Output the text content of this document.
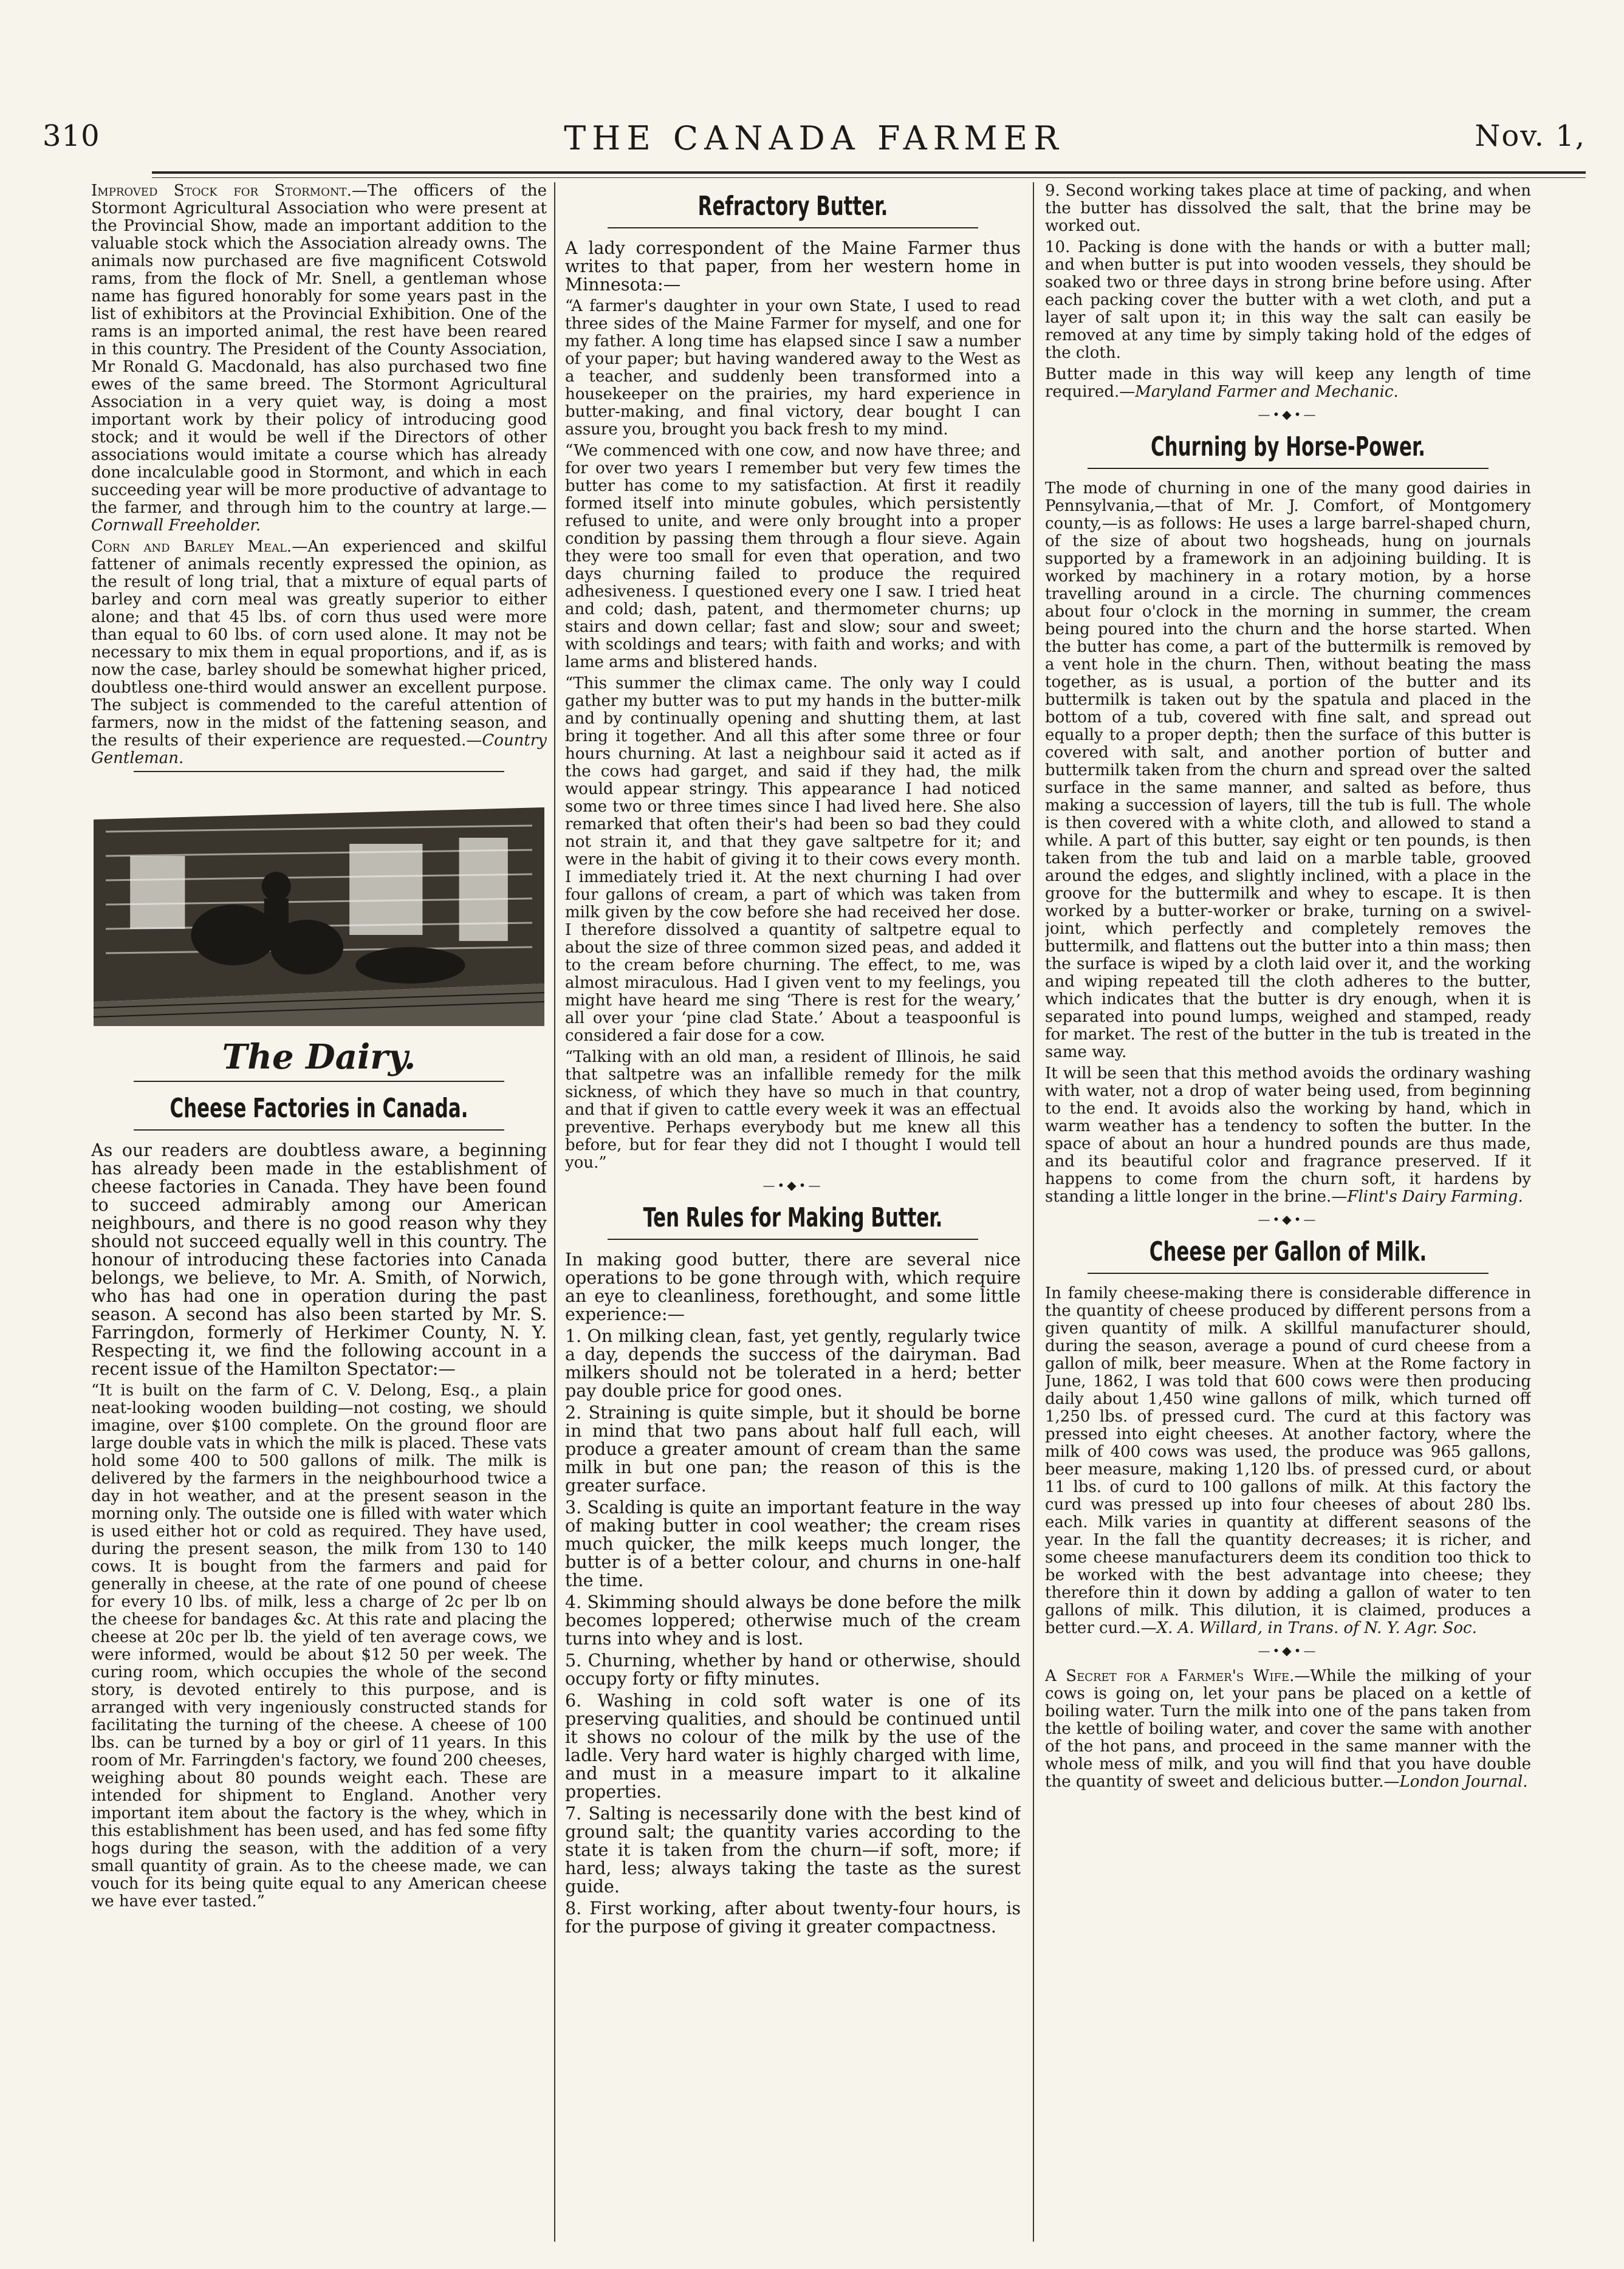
310	THE CANADA FARMER	Nov. 1,

Improved Stock for Stormont.—The officers of the Stormont Agricultural Association who were present at the Provincial Show, made an important addition to the valuable stock which the Association already owns. The animals now purchased are five magnificent Cotswold rams, from the flock of Mr. Snell, a gentleman whose name has figured honorably for some years past in the list of exhibitors at the Provincial Exhibition. One of the rams is an imported animal, the rest have been reared in this country. The President of the County Association, Mr Ronald G. Macdonald, has also purchased two fine ewes of the same breed. The Stormont Agricultural Association in a very quiet way, is doing a most important work by their policy of introducing good stock; and it would be well if the Directors of other associations would imitate a course which has already done incalculable good in Stormont, and which in each succeeding year will be more productive of advantage to the farmer, and through him to the country at large.—Cornwall Freeholder.

Corn and Barley Meal.—An experienced and skilful fattener of animals recently expressed the opinion, as the result of long trial, that a mixture of equal parts of barley and corn meal was greatly superior to either alone; and that 45 lbs. of corn thus used were more than equal to 60 lbs. of corn used alone. It may not be necessary to mix them in equal proportions, and if, as is now the case, barley should be somewhat higher priced, doubtless one-third would answer an excellent purpose. The subject is commended to the careful attention of farmers, now in the midst of the fattening season, and the results of their experience are requested.—Country Gentleman.

The Dairy.
Cheese Factories in Canada.

As our readers are doubtless aware, a beginning has already been made in the establishment of cheese factories in Canada. They have been found to succeed admirably among our American neighbours, and there is no good reason why they should not succeed equally well in this country. The honour of introducing these factories into Canada belongs, we believe, to Mr. A. Smith, of Norwich, who has had one in operation during the past season. A second has also been started by Mr. S. Farringdon, formerly of Herkimer County, N. Y. Respecting it, we find the following account in a recent issue of the Hamilton Spectator:—

“It is built on the farm of C. V. Delong, Esq., a plain neat-looking wooden building—not costing, we should imagine, over $100 complete. On the ground floor are large double vats in which the milk is placed. These vats hold some 400 to 500 gallons of milk. The milk is delivered by the farmers in the neighbourhood twice a day in hot weather, and at the present season in the morning only. The outside one is filled with water which is used either hot or cold as required. They have used, during the present season, the milk from 130 to 140 cows. It is bought from the farmers and paid for generally in cheese, at the rate of one pound of cheese for every 10 lbs. of milk, less a charge of 2c per lb on the cheese for bandages &c. At this rate and placing the cheese at 20c per lb. the yield of ten average cows, we were informed, would be about $12 50 per week. The curing room, which occupies the whole of the second story, is devoted entirely to this purpose, and is arranged with very ingeniously constructed stands for facilitating the turning of the cheese. A cheese of 100 lbs. can be turned by a boy or girl of 11 years. In this room of Mr. Farringden's factory, we found 200 cheeses, weighing about 80 pounds weight each. These are intended for shipment to England. Another very important item about the factory is the whey, which in this establishment has been used, and has fed some fifty hogs during the season, with the addition of a very small quantity of grain. As to the cheese made, we can vouch for its being quite equal to any American cheese we have ever tasted.”

Refractory Butter.

A lady correspondent of the Maine Farmer thus writes to that paper, from her western home in Minnesota:—

“A farmer's daughter in your own State, I used to read three sides of the Maine Farmer for myself, and one for my father. A long time has elapsed since I saw a number of your paper; but having wandered away to the West as a teacher, and suddenly been transformed into a housekeeper on the prairies, my hard experience in butter-making, and final victory, dear bought I can assure you, brought you back fresh to my mind.

“We commenced with one cow, and now have three; and for over two years I remember but very few times the butter has come to my satisfaction. At first it readily formed itself into minute gobules, which persistently refused to unite, and were only brought into a proper condition by passing them through a flour sieve. Again they were too small for even that operation, and two days churning failed to produce the required adhesiveness. I questioned every one I saw. I tried heat and cold; dash, patent, and thermometer churns; up stairs and down cellar; fast and slow; sour and sweet; with scoldings and tears; with faith and works; and with lame arms and blistered hands.

“This summer the climax came. The only way I could gather my butter was to put my hands in the butter-milk and by continually opening and shutting them, at last bring it together. And all this after some three or four hours churning. At last a neighbour said it acted as if the cows had garget, and said if they had, the milk would appear stringy. This appearance I had noticed some two or three times since I had lived here. She also remarked that often their's had been so bad they could not strain it, and that they gave saltpetre for it; and were in the habit of giving it to their cows every month. I immediately tried it. At the next churning I had over four gallons of cream, a part of which was taken from milk given by the cow before she had received her dose. I therefore dissolved a quantity of saltpetre equal to about the size of three common sized peas, and added it to the cream before churning. The effect, to me, was almost miraculous. Had I given vent to my feelings, you might have heard me sing ‘There is rest for the weary,’ all over your ‘pine clad State.’ About a teaspoonful is considered a fair dose for a cow.

“Talking with an old man, a resident of Illinois, he said that saltpetre was an infallible remedy for the milk sickness, of which they have so much in that country, and that if given to cattle every week it was an effectual preventive. Perhaps everybody but me knew all this before, but for fear they did not I thought I would tell you.”

—•◆•—
Ten Rules for Making Butter.

In making good butter, there are several nice operations to be gone through with, which require an eye to cleanliness, forethought, and some little experience:—

1. On milking clean, fast, yet gently, regularly twice a day, depends the success of the dairyman. Bad milkers should not be tolerated in a herd; better pay double price for good ones.

2. Straining is quite simple, but it should be borne in mind that two pans about half full each, will produce a greater amount of cream than the same milk in but one pan; the reason of this is the greater surface.

3. Scalding is quite an important feature in the way of making butter in cool weather; the cream rises much quicker, the milk keeps much longer, the butter is of a better colour, and churns in one-half the time.

4. Skimming should always be done before the milk becomes loppered; otherwise much of the cream turns into whey and is lost.

5. Churning, whether by hand or otherwise, should occupy forty or fifty minutes.

6. Washing in cold soft water is one of its preserving qualities, and should be continued until it shows no colour of the milk by the use of the ladle. Very hard water is highly charged with lime, and must in a measure impart to it alkaline properties.

7. Salting is necessarily done with the best kind of ground salt; the quantity varies according to the state it is taken from the churn—if soft, more; if hard, less; always taking the taste as the surest guide.

8. First working, after about twenty-four hours, is for the purpose of giving it greater compactness.

9. Second working takes place at time of packing, and when the butter has dissolved the salt, that the brine may be worked out.

10. Packing is done with the hands or with a butter mall; and when butter is put into wooden vessels, they should be soaked two or three days in strong brine before using. After each packing cover the butter with a wet cloth, and put a layer of salt upon it; in this way the salt can easily be removed at any time by simply taking hold of the edges of the cloth.

Butter made in this way will keep any length of time required.—Maryland Farmer and Mechanic.

—•◆•—
Churning by Horse-Power.

The mode of churning in one of the many good dairies in Pennsylvania,—that of Mr. J. Comfort, of Montgomery county,—is as follows: He uses a large barrel-shaped churn, of the size of about two hogsheads, hung on journals supported by a framework in an adjoining building. It is worked by machinery in a rotary motion, by a horse travelling around in a circle. The churning commences about four o'clock in the morning in summer, the cream being poured into the churn and the horse started. When the butter has come, a part of the buttermilk is removed by a vent hole in the churn. Then, without beating the mass together, as is usual, a portion of the butter and its buttermilk is taken out by the spatula and placed in the bottom of a tub, covered with fine salt, and spread out equally to a proper depth; then the surface of this butter is covered with salt, and another portion of butter and buttermilk taken from the churn and spread over the salted surface in the same manner, and salted as before, thus making a succession of layers, till the tub is full. The whole is then covered with a white cloth, and allowed to stand a while. A part of this butter, say eight or ten pounds, is then taken from the tub and laid on a marble table, grooved around the edges, and slightly inclined, with a place in the groove for the buttermilk and whey to escape. It is then worked by a butter-worker or brake, turning on a swivel-joint, which perfectly and completely removes the buttermilk, and flattens out the butter into a thin mass; then the surface is wiped by a cloth laid over it, and the working and wiping repeated till the cloth adheres to the butter, which indicates that the butter is dry enough, when it is separated into pound lumps, weighed and stamped, ready for market. The rest of the butter in the tub is treated in the same way.

It will be seen that this method avoids the ordinary washing with water, not a drop of water being used, from beginning to the end. It avoids also the working by hand, which in warm weather has a tendency to soften the butter. In the space of about an hour a hundred pounds are thus made, and its beautiful color and fragrance preserved. If it happens to come from the churn soft, it hardens by standing a little longer in the brine.—Flint's Dairy Farming.

—•◆•—
Cheese per Gallon of Milk.

In family cheese-making there is considerable difference in the quantity of cheese produced by different persons from a given quantity of milk. A skillful manufacturer should, during the season, average a pound of curd cheese from a gallon of milk, beer measure. When at the Rome factory in June, 1862, I was told that 600 cows were then producing daily about 1,450 wine gallons of milk, which turned off 1,250 lbs. of pressed curd. The curd at this factory was pressed into eight cheeses. At another factory, where the milk of 400 cows was used, the produce was 965 gallons, beer measure, making 1,120 lbs. of pressed curd, or about 11 lbs. of curd to 100 gallons of milk. At this factory the curd was pressed up into four cheeses of about 280 lbs. each. Milk varies in quantity at different seasons of the year. In the fall the quantity decreases; it is richer, and some cheese manufacturers deem its condition too thick to be worked with the best advantage into cheese; they therefore thin it down by adding a gallon of water to ten gallons of milk. This dilution, it is claimed, produces a better curd.—X. A. Willard, in Trans. of N. Y. Agr. Soc.

—•◆•—

A Secret for a Farmer's Wife.—While the milking of your cows is going on, let your pans be placed on a kettle of boiling water. Turn the milk into one of the pans taken from the kettle of boiling water, and cover the same with another of the hot pans, and proceed in the same manner with the whole mess of milk, and you will find that you have double the quantity of sweet and delicious butter.—London Journal.
